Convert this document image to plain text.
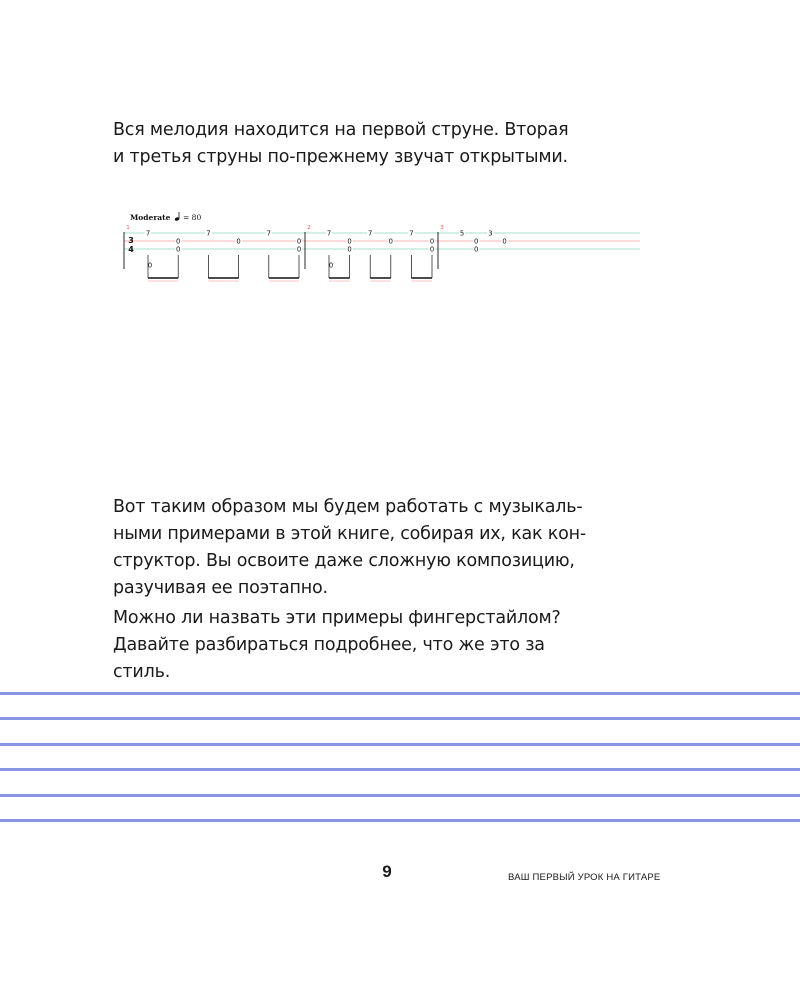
Вся мелодия находится на первой струне. Вторая
и третья струны по-прежнему звучат открытыми.

Moderate = 80
3
4
1
7
0
0
7
0
7
0
0
0
2
7
0
0
7
0
7
0
0
0
3
5
0
0
3
0

Вот таким образом мы будем работать с музыкаль-
ными примерами в этой книге, собирая их, как кон-
структор. Вы освоите даже сложную композицию,
разучивая ее поэтапно.

Можно ли назвать эти примеры фингерстайлом?
Давайте разбираться подробнее, что же это за
стиль.

9	ВАШ ПЕРВЫЙ УРОК НА ГИТАРЕ
